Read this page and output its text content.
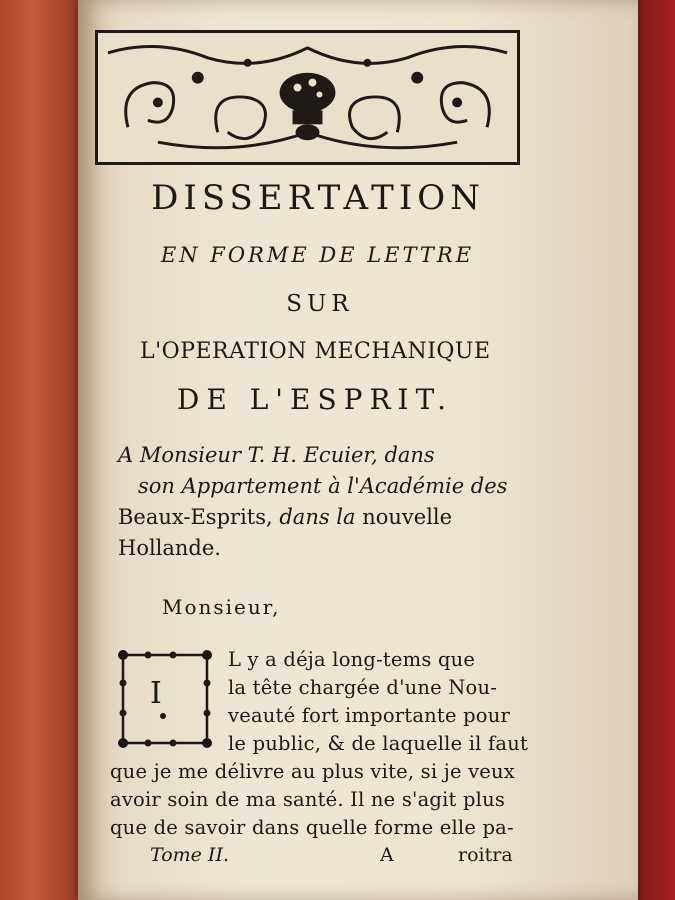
DISSERTATION
EN FORME DE LETTRE
SUR
L'OPERATION MECHANIQUE
DE L'ESPRIT.
A Monsieur T. H. Ecuier, dans
son Appartement à l'Académie des
Beaux-Esprits, dans la nouvelle
Hollande.
Monsieur,
I
L y a déja long-tems que
la tête chargée d'une Nou-
veauté fort importante pour
le public, & de laquelle il faut
que je me délivre au plus vite, si je veux
avoir soin de ma santé. Il ne s'agit plus
que de savoir dans quelle forme elle pa-
Tome II.	A	roitra
